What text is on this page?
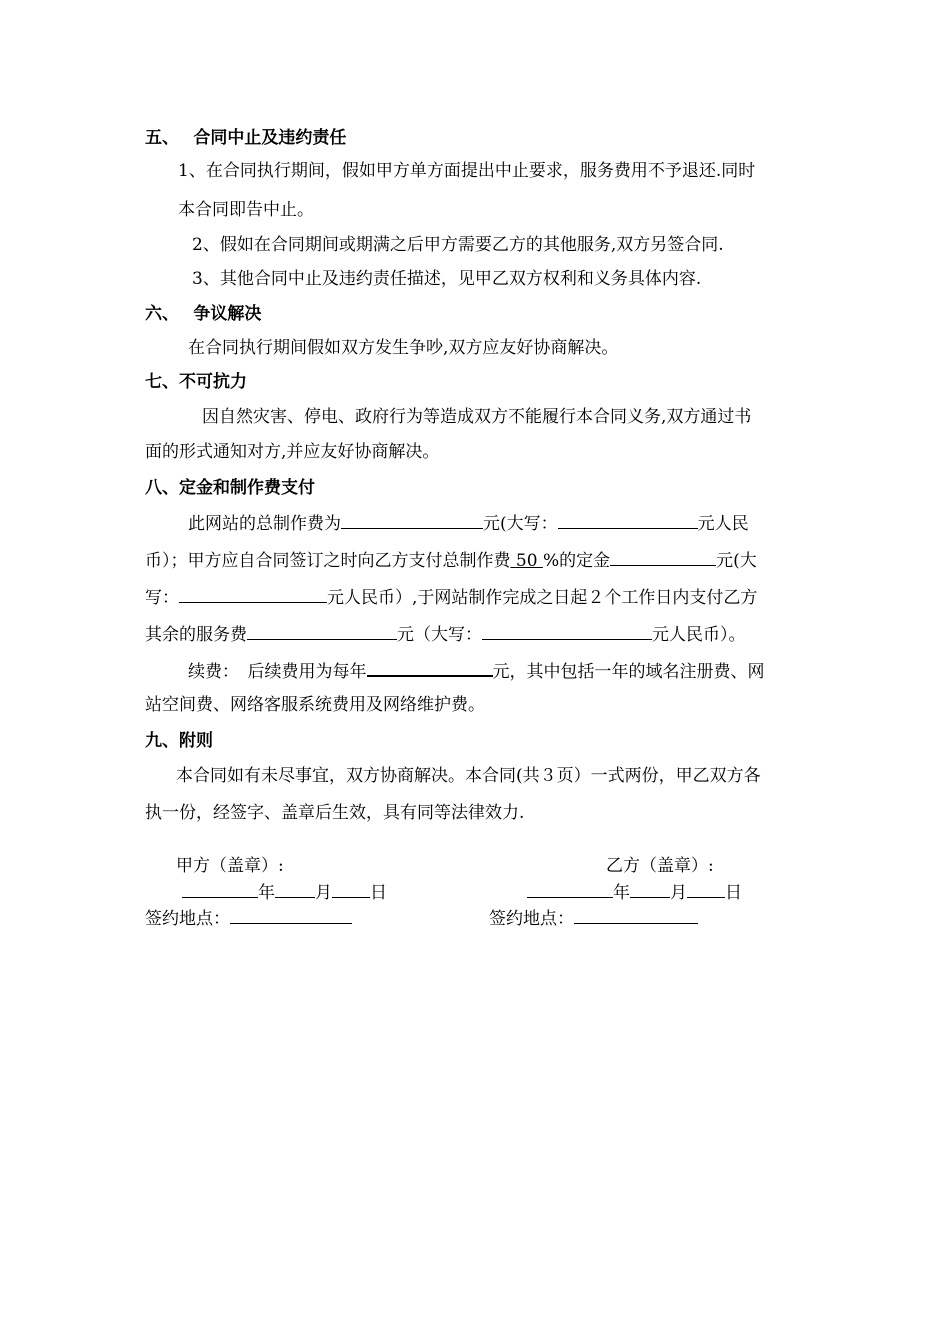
五、　 合同中止及违约责任
1、在合同执行期间，假如甲方单方面提出中止要求，服务费用不予退还.同时
本合同即告中止。
2、假如在合同期间或期满之后甲方需要乙方的其他服务,双方另签合同.
3、其他合同中止及违约责任描述，见甲乙双方权利和义务具体内容.
六、　 争议解决
在合同执行期间假如双方发生争吵,双方应友好协商解决。
七、不可抗力
因自然灾害、停电、政府行为等造成双方不能履行本合同义务,双方通过书
面的形式通知对方,并应友好协商解决。
八、定金和制作费支付
此网站的总制作费为	元(大写：	元人民
币）；甲方应自合同签订之时向乙方支付总制作费 50 %的定金	元(大
写：	元人民币）,于网站制作完成之日起２个工作日内支付乙方
其余的服务费	元（大写：	元人民币）。
续费：　后续费用为每年	元，其中包括一年的域名注册费、网
站空间费、网络客服系统费用及网络维护费。
九、附则
本合同如有未尽事宜，双方协商解决。本合同(共３页）一式两份，甲乙双方各
执一份，经签字、盖章后生效，具有同等法律效力.
甲方（盖章）:	乙方（盖章）:
年 月 日	年 月 日
签约地点：	签约地点：
